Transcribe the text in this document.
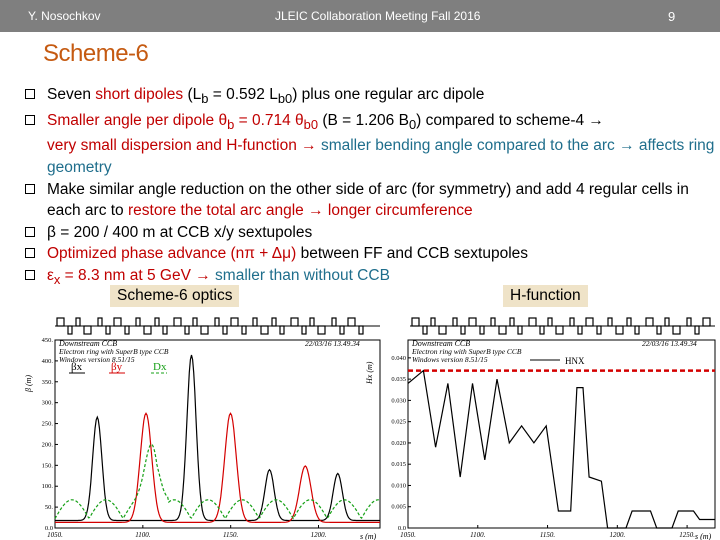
Y. Nosochkov	JLEIC Collaboration Meeting Fall 2016	9
Scheme-6
Seven short dipoles ($L_b = 0.592$ $L_{b0}$) plus one regular arc dipole
Smaller angle per dipole $\theta_b = 0.714$ $\theta_{b0}$ (B = 1.206 $B_0$) compared to scheme-4 →
very small dispersion and H-function → smaller bending angle compared to the arc → affects ring geometry
Make similar angle reduction on the other side of arc (for symmetry) and add 4 regular cells in each arc to restore the total arc angle → longer circumference
β = 200 / 400 m at CCB x/y sextupoles
Optimized phase advance (nπ + Δμ) between FF and CCB sextupoles
$\varepsilon_x = 8.3$ nm at 5 GeV → smaller than without CCB
Scheme-6 optics	H-function
Downstream CCB
Electron ring with SuperB type CCB
Windows version 8.51/15
22/03/16 13.49.34
β (m)
s (m)
βx	βy	Dx
0.0
50.
100.
150.
200.
250.
300.
350.
400.
450.
1050.	1100.	1150.	1200.
Downstream CCB
Electron ring with SuperB type CCB
Windows version 8.51/15
22/03/16 13.49.34
Hx (m)
s (m)
HNX
0.0
0.005
0.010
0.015
0.020
0.025
0.030
0.035
0.040
1050.	1100.	1150.	1200.	1250.
